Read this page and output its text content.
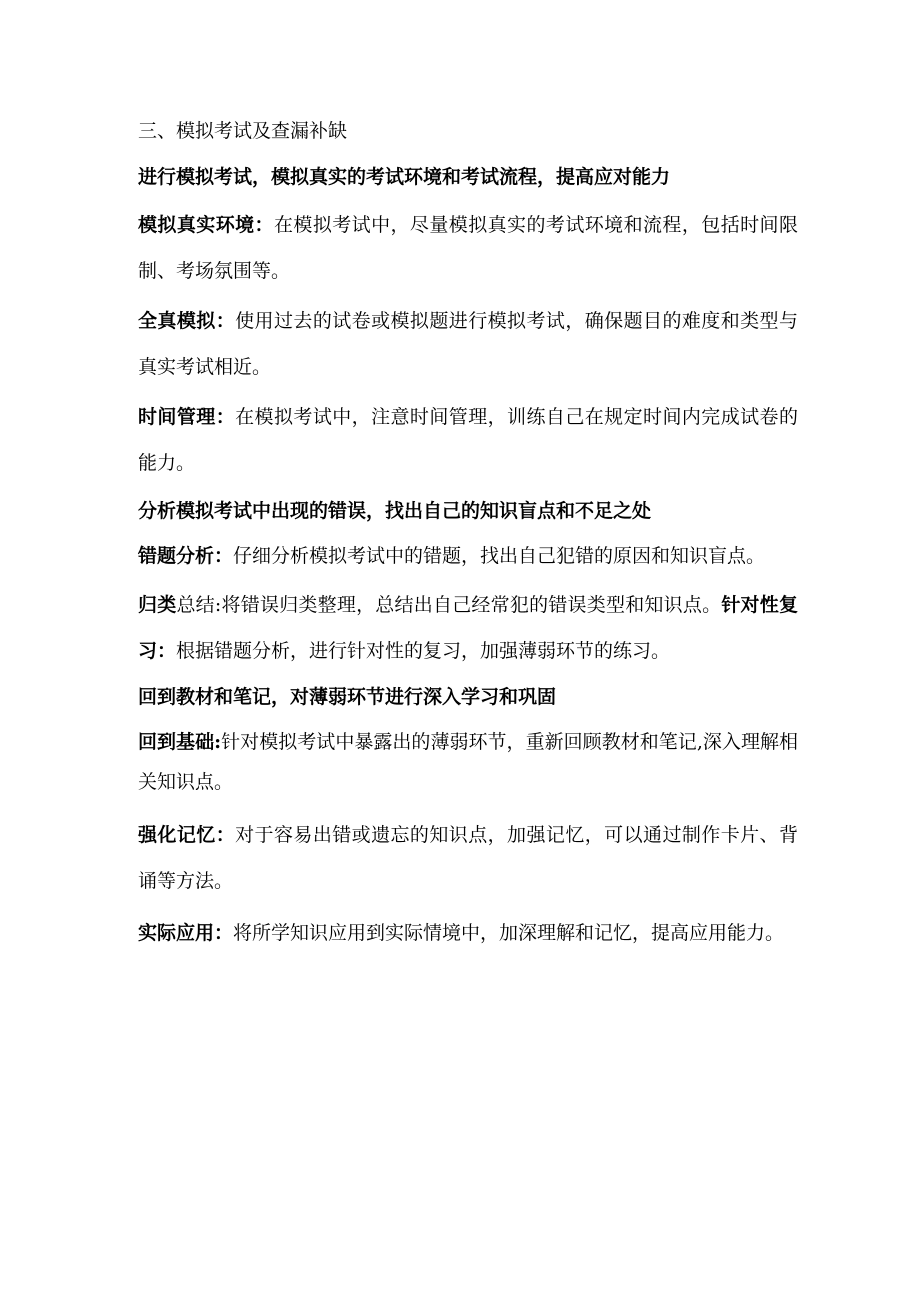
三、模拟考试及查漏补缺

进行模拟考试，模拟真实的考试环境和考试流程，提高应对能力

模拟真实环境：在模拟考试中，尽量模拟真实的考试环境和流程，包括时间限制、考场氛围等。

全真模拟：使用过去的试卷或模拟题进行模拟考试，确保题目的难度和类型与真实考试相近。

时间管理：在模拟考试中，注意时间管理，训练自己在规定时间内完成试卷的能力。

分析模拟考试中出现的错误，找出自己的知识盲点和不足之处

错题分析：仔细分析模拟考试中的错题，找出自己犯错的原因和知识盲点。

归类总结:将错误归类整理，总结出自己经常犯的错误类型和知识点。针对性复习：根据错题分析，进行针对性的复习，加强薄弱环节的练习。

回到教材和笔记，对薄弱环节进行深入学习和巩固

回到基础:针对模拟考试中暴露出的薄弱环节，重新回顾教材和笔记,深入理解相关知识点。

强化记忆：对于容易出错或遗忘的知识点，加强记忆，可以通过制作卡片、背诵等方法。

实际应用：将所学知识应用到实际情境中，加深理解和记忆，提高应用能力。
